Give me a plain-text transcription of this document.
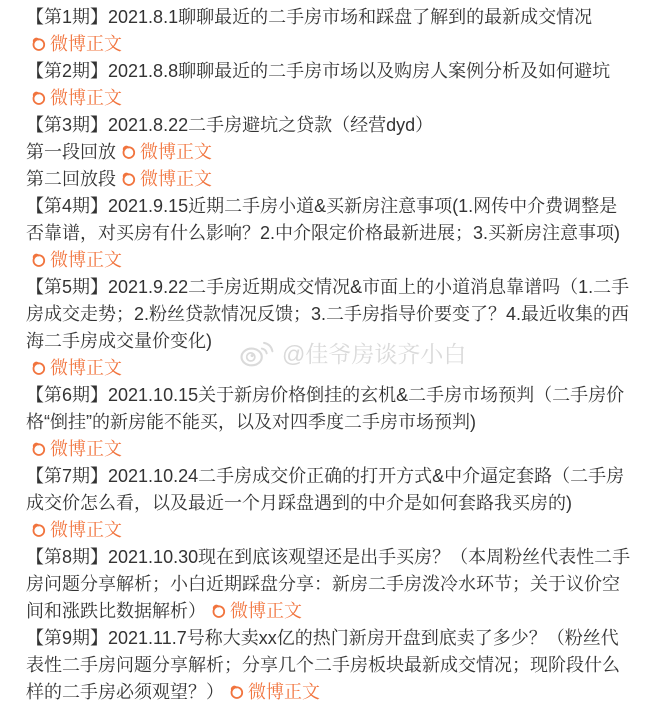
【第1期】2021.8.1聊聊最近的二手房市场和踩盘了解到的最新成交情况

微博正文

【第2期】2021.8.8聊聊最近的二手房市场以及购房人案例分析及如何避坑

微博正文

【第3期】2021.8.22二手房避坑之贷款（经营dyd）

第一段回放 微博正文

第二回放段 微博正文

【第4期】2021.9.15近期二手房小道&买新房注意事项(1.网传中介费调整是否靠谱，对买房有什么影响？2.中介限定价格最新进展；3.买新房注意事项)

微博正文

【第5期】2021.9.22二手房近期成交情况&市面上的小道消息靠谱吗（1.二手房成交走势；2.粉丝贷款情况反馈；3.二手房指导价要变了？4.最近收集的西海二手房成交量价变化)

微博正文

【第6期】2021.10.15关于新房价格倒挂的玄机&二手房市场预判（二手房价格“倒挂”的新房能不能买，以及对四季度二手房市场预判)

微博正文

【第7期】2021.10.24二手房成交价正确的打开方式&中介逼定套路（二手房成交价怎么看，以及最近一个月踩盘遇到的中介是如何套路我买房的)

微博正文

【第8期】2021.10.30现在到底该观望还是出手买房？（本周粉丝代表性二手房问题分享解析；小白近期踩盘分享：新房二手房泼冷水环节；关于议价空间和涨跌比数据解析） 微博正文

【第9期】2021.11.7号称大卖xx亿的热门新房开盘到底卖了多少？（粉丝代表性二手房问题分享解析；分享几个二手房板块最新成交情况；现阶段什么样的二手房必须观望？） 微博正文

@佳爷房谈齐小白
